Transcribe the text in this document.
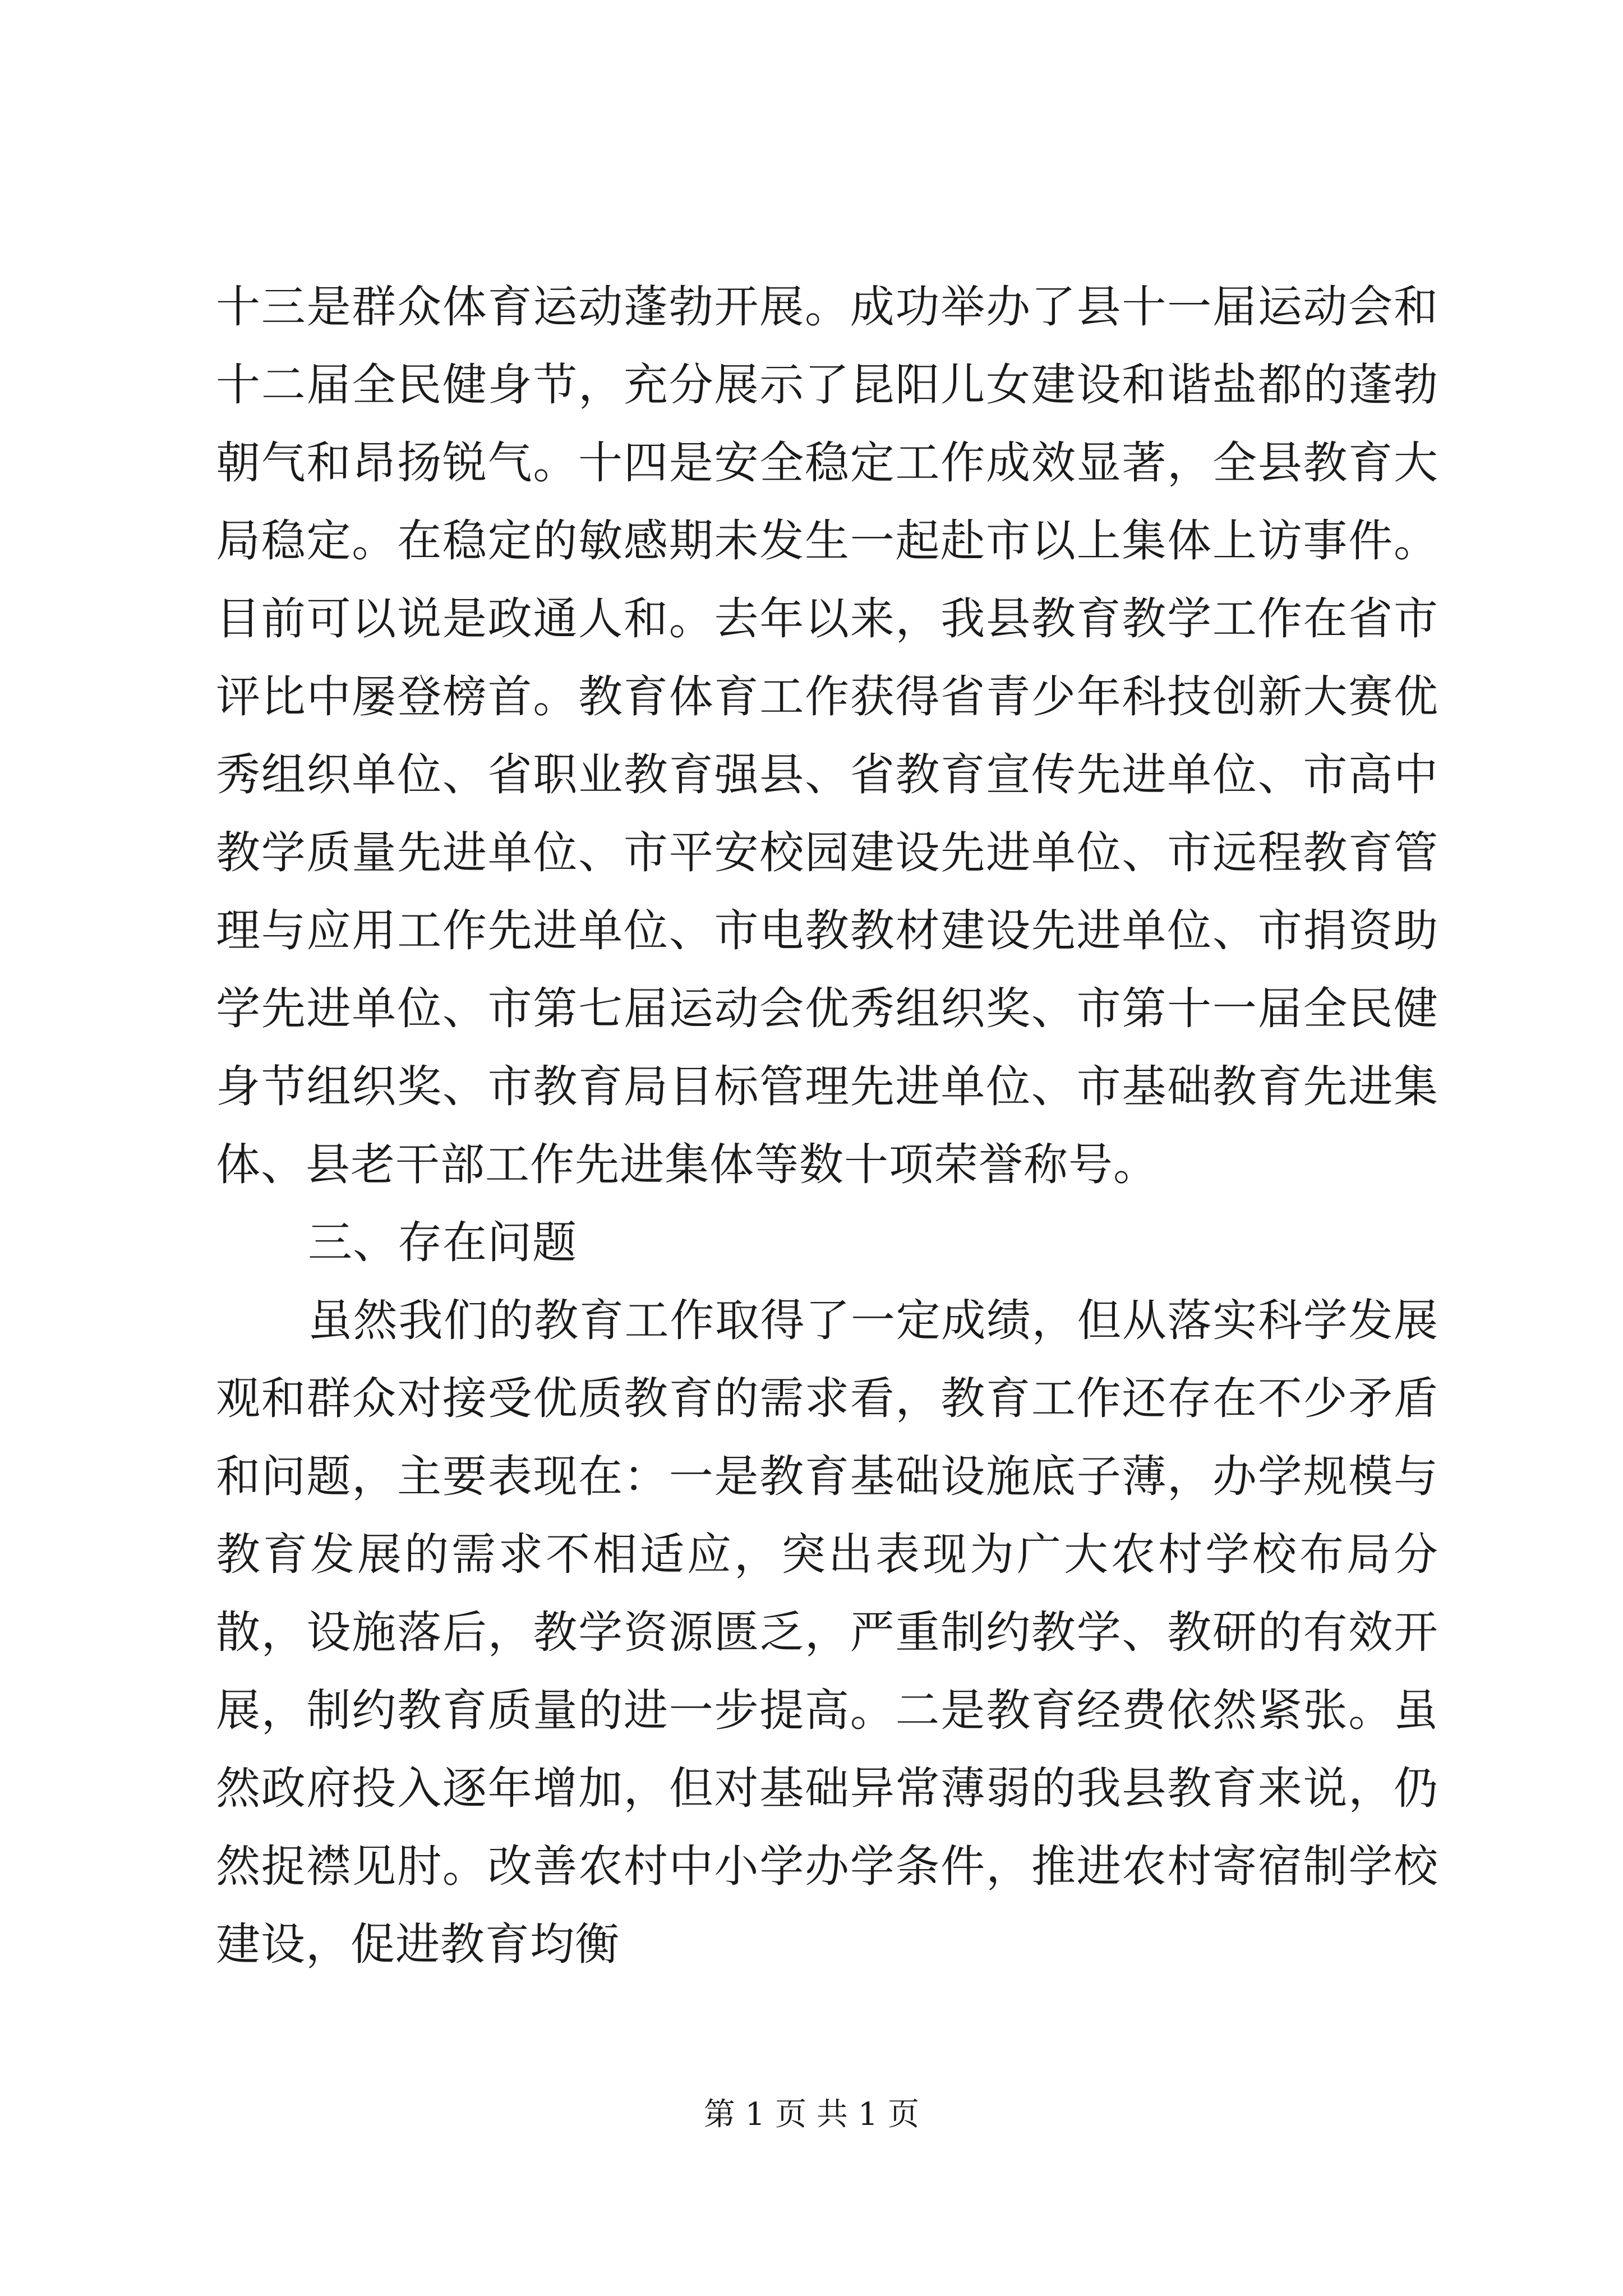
十三是群众体育运动蓬勃开展。成功举办了县十一届运动会和十二届全民健身节，充分展示了昆阳儿女建设和谐盐都的蓬勃朝气和昂扬锐气。十四是安全稳定工作成效显著，全县教育大局稳定。在稳定的敏感期未发生一起赴市以上集体上访事件。目前可以说是政通人和。去年以来，我县教育教学工作在省市评比中屡登榜首。教育体育工作获得省青少年科技创新大赛优秀组织单位、省职业教育强县、省教育宣传先进单位、市高中教学质量先进单位、市平安校园建设先进单位、市远程教育管理与应用工作先进单位、市电教教材建设先进单位、市捐资助学先进单位、市第七届运动会优秀组织奖、市第十一届全民健身节组织奖、市教育局目标管理先进单位、市基础教育先进集体、县老干部工作先进集体等数十项荣誉称号。

三、存在问题

虽然我们的教育工作取得了一定成绩，但从落实科学发展观和群众对接受优质教育的需求看，教育工作还存在不少矛盾和问题，主要表现在：一是教育基础设施底子薄，办学规模与教育发展的需求不相适应，突出表现为广大农村学校布局分散，设施落后，教学资源匮乏，严重制约教学、教研的有效开展，制约教育质量的进一步提高。二是教育经费依然紧张。虽然政府投入逐年增加，但对基础异常薄弱的我县教育来说，仍然捉襟见肘。改善农村中小学办学条件，推进农村寄宿制学校建设，促进教育均衡

第 1 页 共 1 页
